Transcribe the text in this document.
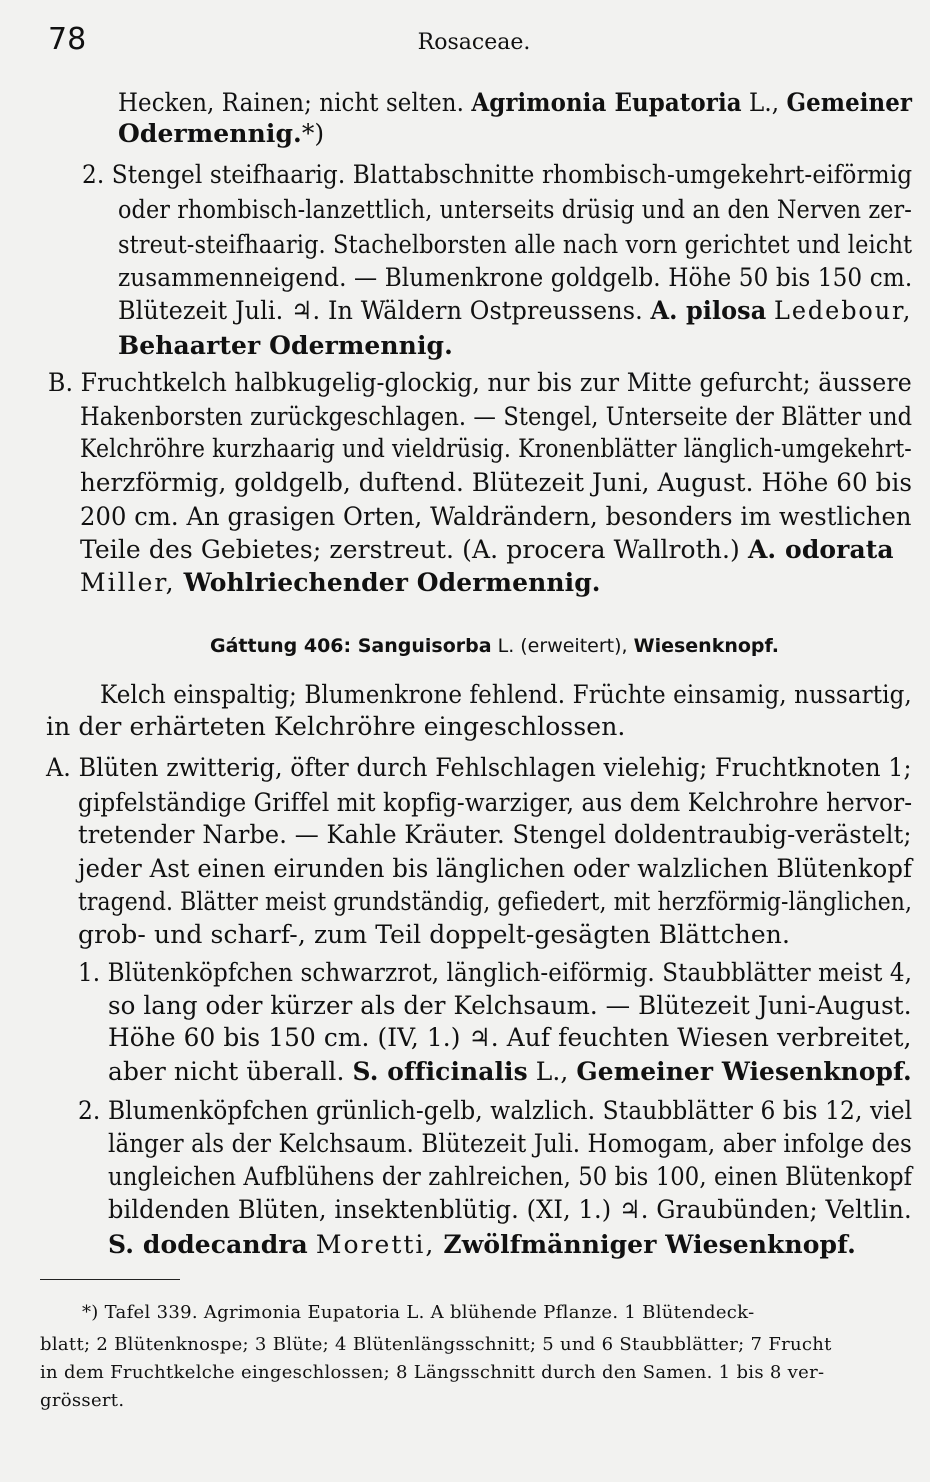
78	Rosaceae.
Hecken, Rainen; nicht selten. Agrimonia Eupatoria L., Gemeiner
Odermennig.*)
2. Stengel steifhaarig. Blattabschnitte rhombisch-umgekehrt-eiförmig
oder rhombisch-lanzettlich, unterseits drüsig und an den Nerven zer-
streut-steifhaarig. Stachelborsten alle nach vorn gerichtet und leicht
zusammenneigend. — Blumenkrone goldgelb. Höhe 50 bis 150 cm.
Blütezeit Juli. ♃. In Wäldern Ostpreussens. A. pilosa Ledebour,
Behaarter Odermennig.
B. Fruchtkelch halbkugelig-glockig, nur bis zur Mitte gefurcht; äussere
Hakenborsten zurückgeschlagen. — Stengel, Unterseite der Blätter und
Kelchröhre kurzhaarig und vieldrüsig. Kronenblätter länglich-umgekehrt-
herzförmig, goldgelb, duftend. Blütezeit Juni, August. Höhe 60 bis
200 cm. An grasigen Orten, Waldrändern, besonders im westlichen
Teile des Gebietes; zerstreut. (A. procera Wallroth.) A. odorata
Miller, Wohlriechender Odermennig.
Gáttung 406: Sanguisorba L. (erweitert), Wiesenknopf.
Kelch einspaltig; Blumenkrone fehlend. Früchte einsamig, nussartig,
in der erhärteten Kelchröhre eingeschlossen.
A. Blüten zwitterig, öfter durch Fehlschlagen vielehig; Fruchtknoten 1;
gipfelständige Griffel mit kopfig-warziger, aus dem Kelchrohre hervor-
tretender Narbe. — Kahle Kräuter. Stengel doldentraubig-verästelt;
jeder Ast einen eirunden bis länglichen oder walzlichen Blütenkopf
tragend. Blätter meist grundständig, gefiedert, mit herzförmig-länglichen,
grob- und scharf-, zum Teil doppelt-gesägten Blättchen.
1. Blütenköpfchen schwarzrot, länglich-eiförmig. Staubblätter meist 4,
so lang oder kürzer als der Kelchsaum. — Blütezeit Juni-August.
Höhe 60 bis 150 cm. (IV, 1.) ♃. Auf feuchten Wiesen verbreitet,
aber nicht überall. S. officinalis L., Gemeiner Wiesenknopf.
2. Blumenköpfchen grünlich-gelb, walzlich. Staubblätter 6 bis 12, viel
länger als der Kelchsaum. Blütezeit Juli. Homogam, aber infolge des
ungleichen Aufblühens der zahlreichen, 50 bis 100, einen Blütenkopf
bildenden Blüten, insektenblütig. (XI, 1.) ♃. Graubünden; Veltlin.
S. dodecandra Moretti, Zwölfmänniger Wiesenknopf.
*) Tafel 339. Agrimonia Eupatoria L. A blühende Pflanze. 1 Blütendeck-
blatt; 2 Blütenknospe; 3 Blüte; 4 Blütenlängsschnitt; 5 und 6 Staubblätter; 7 Frucht
in dem Fruchtkelche eingeschlossen; 8 Längsschnitt durch den Samen. 1 bis 8 ver-
grössert.
